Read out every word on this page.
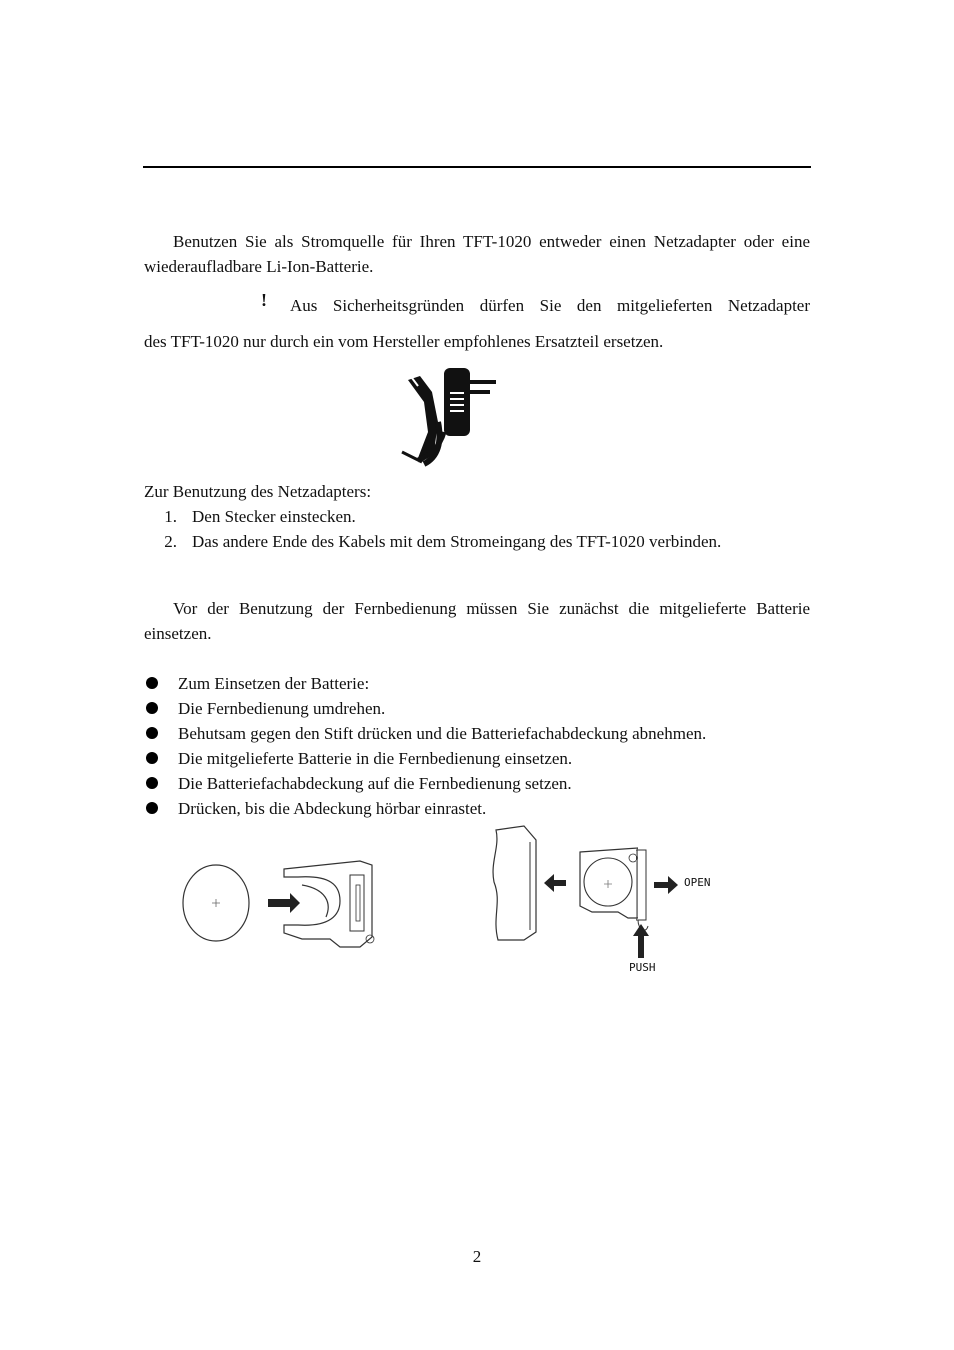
Benutzen Sie als Stromquelle für Ihren TFT-1020 entweder einen Netzadapter oder eine wiederaufladbare Li-Ion-Batterie.

! Aus Sicherheitsgründen dürfen Sie den mitgelieferten Netzadapter

des TFT-1020 nur durch ein vom Hersteller empfohlenes Ersatzteil ersetzen.

Zur Benutzung des Netzadapters:
1. Den Stecker einstecken.
2. Das andere Ende des Kabels mit dem Stromeingang des TFT-1020 verbinden.

Vor der Benutzung der Fernbedienung müssen Sie zunächst die mitgelieferte Batterie einsetzen.

Zum Einsetzen der Batterie:
Die Fernbedienung umdrehen.
Behutsam gegen den Stift drücken und die Batteriefachabdeckung abnehmen.
Die mitgelieferte Batterie in die Fernbedienung einsetzen.
Die Batteriefachabdeckung auf die Fernbedienung setzen.
Drücken, bis die Abdeckung hörbar einrastet.
OPEN
PUSH
2
